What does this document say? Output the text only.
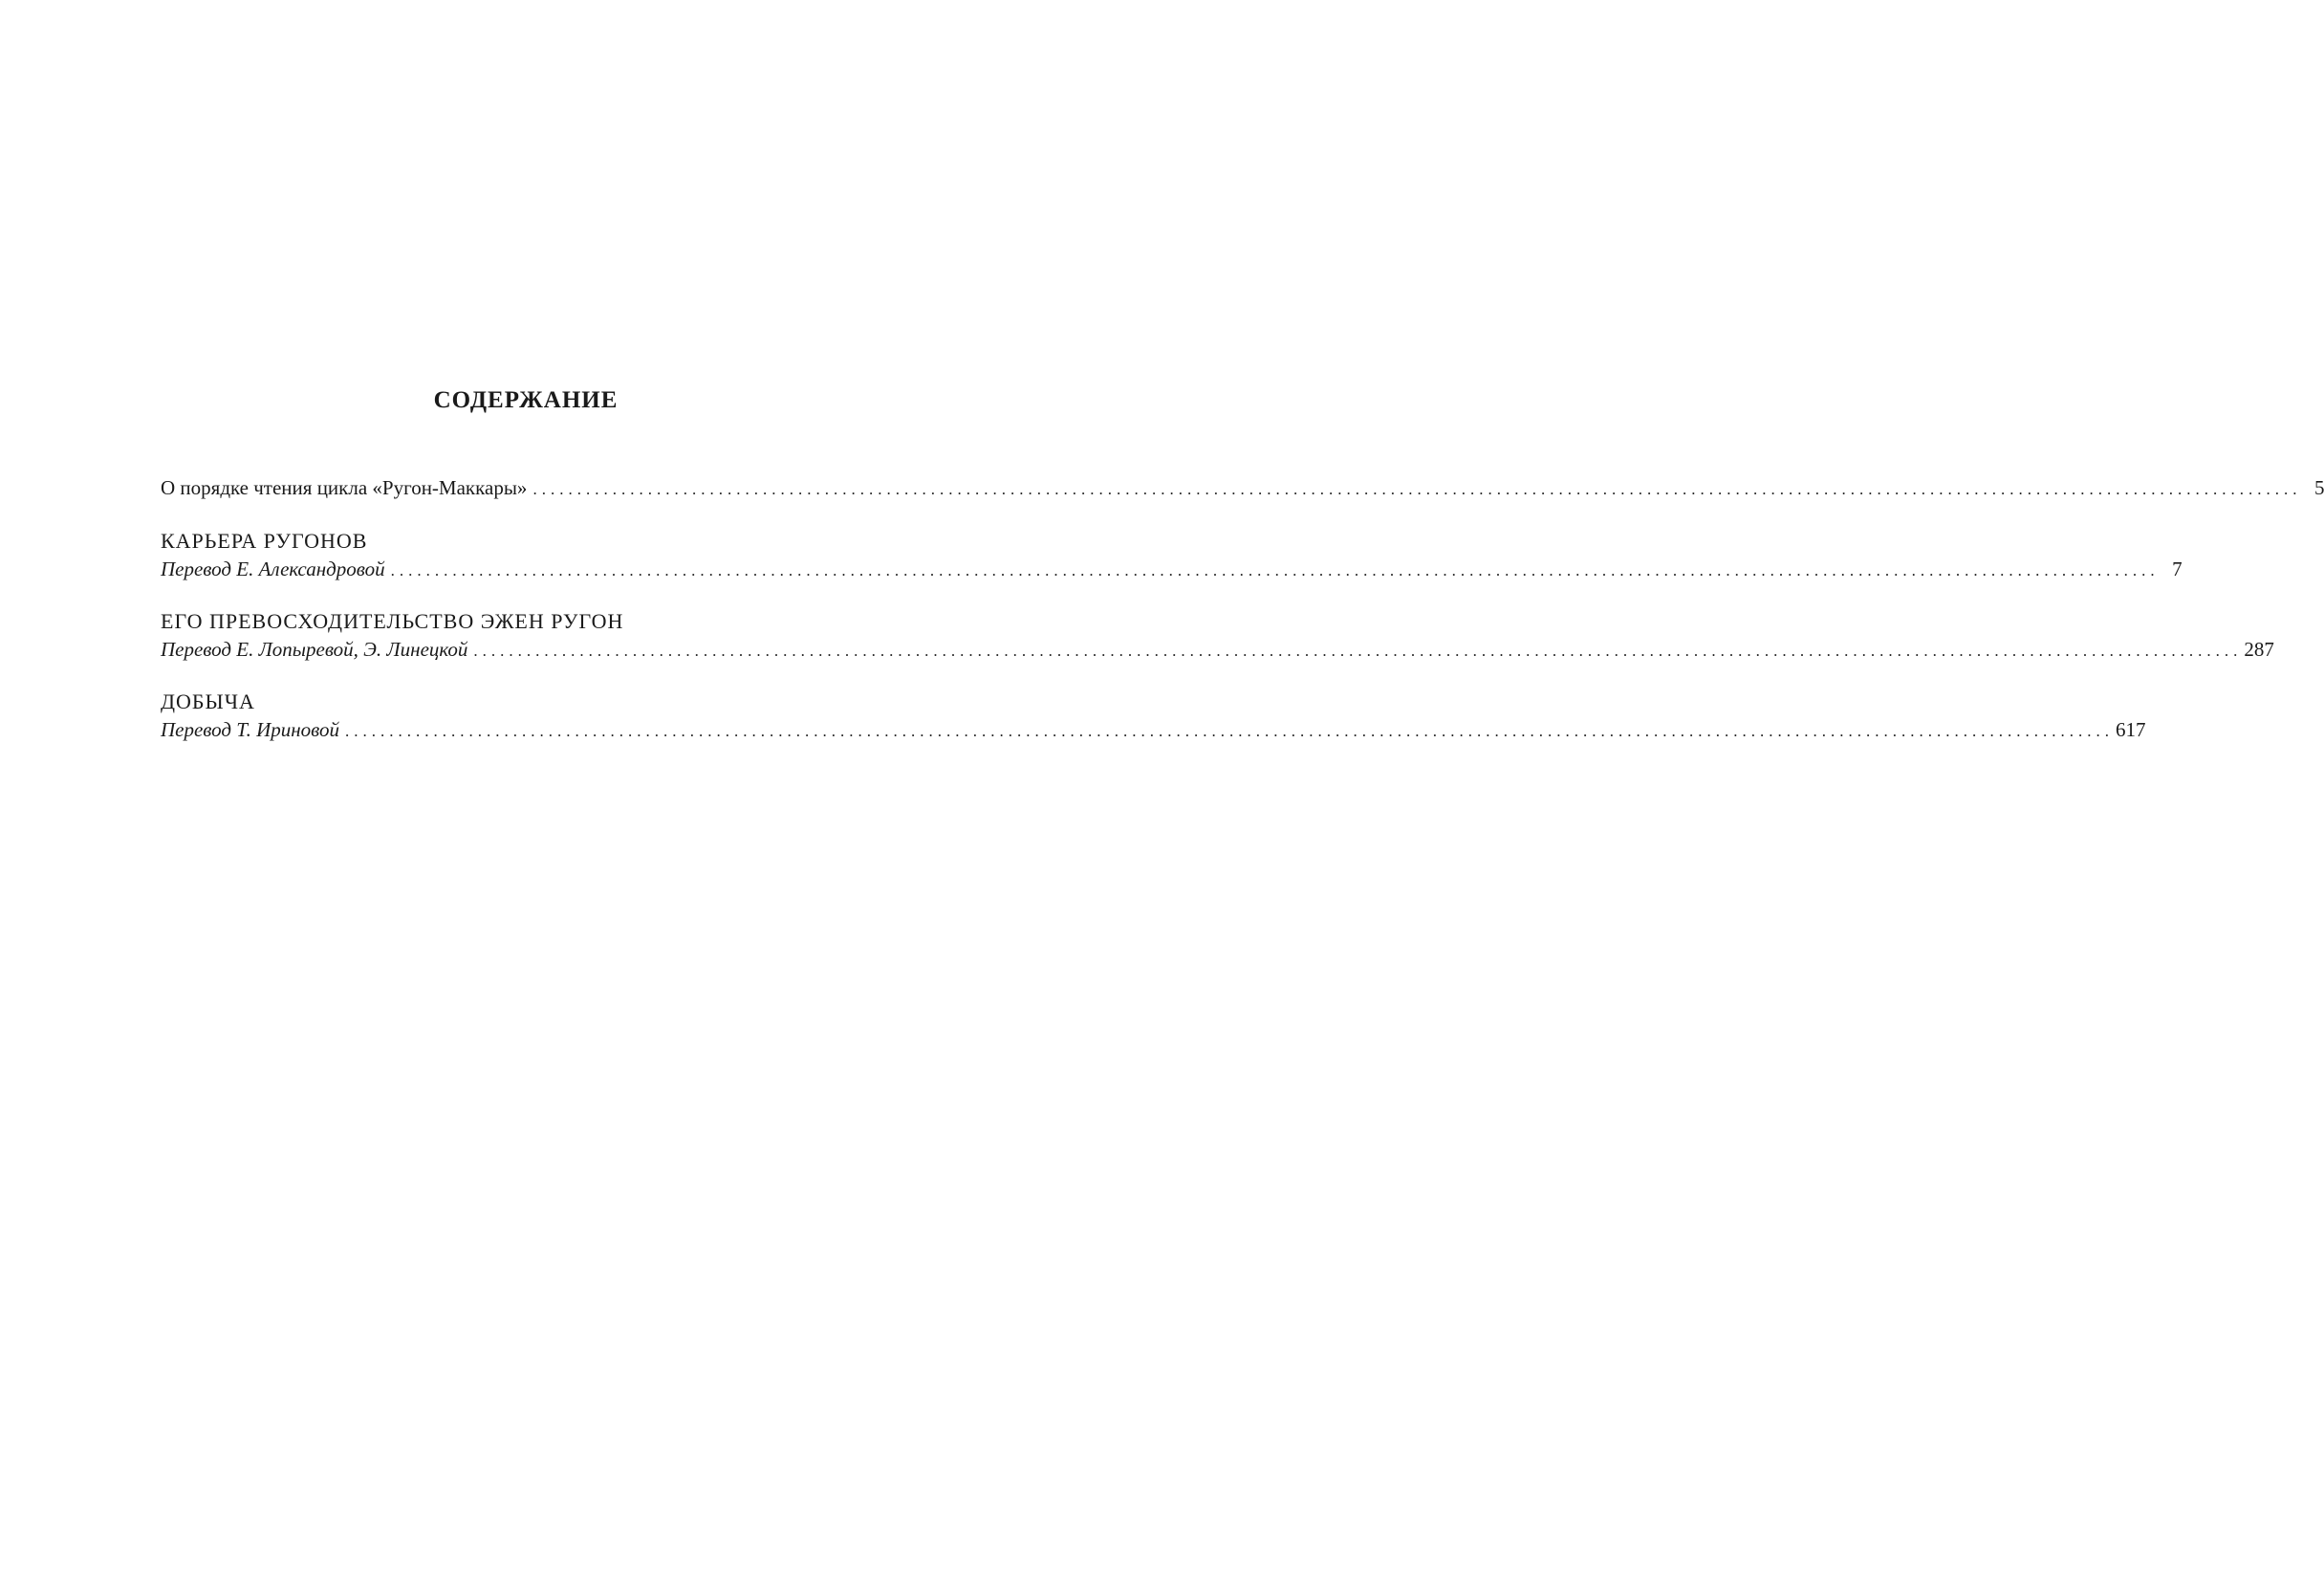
СОДЕРЖАНИЕ
О порядке чтения цикла «Ругон-Маккары» ........................................................................................................................................................................................................ 5
КАРЬЕРА РУГОНОВ
Перевод Е. Александровой ........................................................................................................................................................................................................ 7
ЕГО ПРЕВОСХОДИТЕЛЬСТВО ЭЖЕН РУГОН
Перевод Е. Лопыревой, Э. Линецкой ........................................................................................................................................................................................................ 287
ДОБЫЧА
Перевод Т. Ириновой ........................................................................................................................................................................................................ 617
